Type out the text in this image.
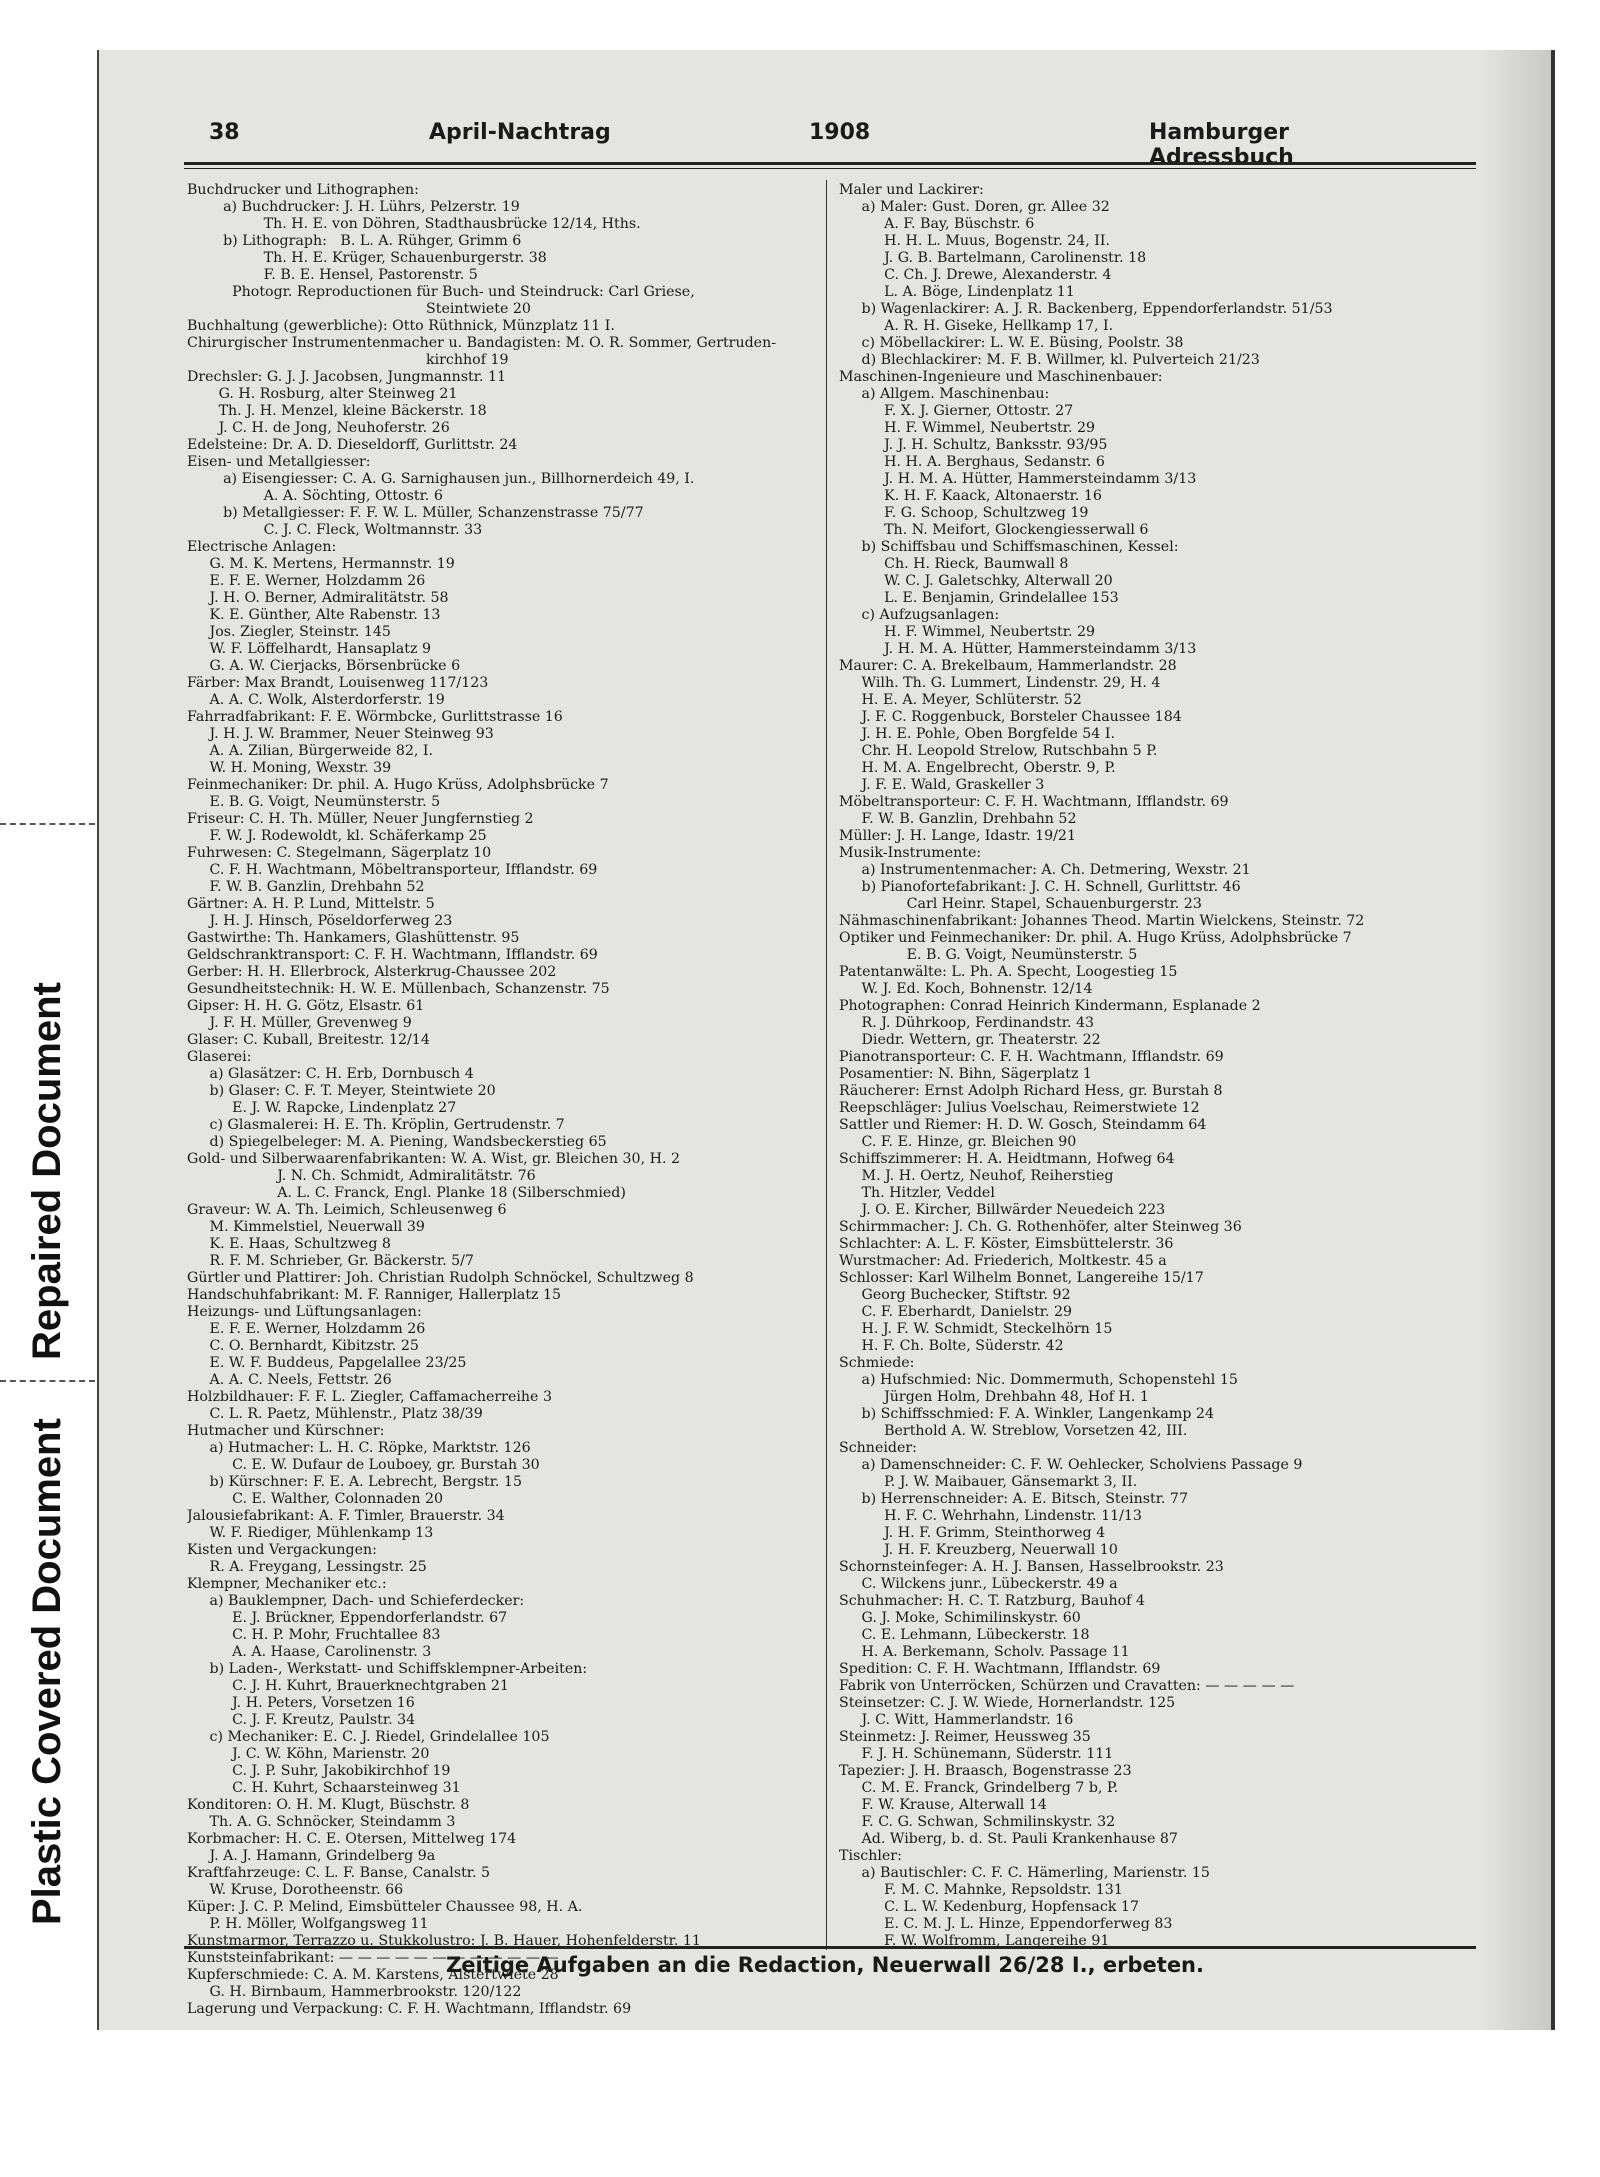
Repaired Document
Plastic Covered Document
38	April-Nachtrag	1908	Hamburger Adressbuch
Buchdrucker und Lithographen:
a) Buchdrucker: J. H. Lührs, Pelzerstr. 19
Th. H. E. von Döhren, Stadthausbrücke 12/14, Hths.
b) Lithograph:   B. L. A. Rühger, Grimm 6
Th. H. E. Krüger, Schauenburgerstr. 38
F. B. E. Hensel, Pastorenstr. 5
Photogr. Reproductionen für Buch- und Steindruck: Carl Griese,
Steintwiete 20
Buchhaltung (gewerbliche): Otto Rüthnick, Münzplatz 11 I.
Chirurgischer Instrumentenmacher u. Bandagisten: M. O. R. Sommer, Gertruden-
kirchhof 19
Drechsler: G. J. J. Jacobsen, Jungmannstr. 11
G. H. Rosburg, alter Steinweg 21
Th. J. H. Menzel, kleine Bäckerstr. 18
J. C. H. de Jong, Neuhoferstr. 26
Edelsteine: Dr. A. D. Dieseldorff, Gurlittstr. 24
Eisen- und Metallgiesser:
a) Eisengiesser: C. A. G. Sarnighausen jun., Billhornerdeich 49, I.
A. A. Söchting, Ottostr. 6
b) Metallgiesser: F. F. W. L. Müller, Schanzenstrasse 75/77
C. J. C. Fleck, Woltmannstr. 33
Electrische Anlagen:
G. M. K. Mertens, Hermannstr. 19
E. F. E. Werner, Holzdamm 26
J. H. O. Berner, Admiralitätstr. 58
K. E. Günther, Alte Rabenstr. 13
Jos. Ziegler, Steinstr. 145
W. F. Löffelhardt, Hansaplatz 9
G. A. W. Cierjacks, Börsenbrücke 6
Färber: Max Brandt, Louisenweg 117/123
A. A. C. Wolk, Alsterdorferstr. 19
Fahrradfabrikant: F. E. Wörmbcke, Gurlittstrasse 16
J. H. J. W. Brammer, Neuer Steinweg 93
A. A. Zilian, Bürgerweide 82, I.
W. H. Moning, Wexstr. 39
Feinmechaniker: Dr. phil. A. Hugo Krüss, Adolphsbrücke 7
E. B. G. Voigt, Neumünsterstr. 5
Friseur: C. H. Th. Müller, Neuer Jungfernstieg 2
F. W. J. Rodewoldt, kl. Schäferkamp 25
Fuhrwesen: C. Stegelmann, Sägerplatz 10
C. F. H. Wachtmann, Möbeltransporteur, Ifflandstr. 69
F. W. B. Ganzlin, Drehbahn 52
Gärtner: A. H. P. Lund, Mittelstr. 5
J. H. J. Hinsch, Pöseldorferweg 23
Gastwirthe: Th. Hankamers, Glashüttenstr. 95
Geldschranktransport: C. F. H. Wachtmann, Ifflandstr. 69
Gerber: H. H. Ellerbrock, Alsterkrug-Chaussee 202
Gesundheitstechnik: H. W. E. Müllenbach, Schanzenstr. 75
Gipser: H. H. G. Götz, Elsastr. 61
J. F. H. Müller, Grevenweg 9
Glaser: C. Kuball, Breitestr. 12/14
Glaserei:
a) Glasätzer: C. H. Erb, Dornbusch 4
b) Glaser: C. F. T. Meyer, Steintwiete 20
E. J. W. Rapcke, Lindenplatz 27
c) Glasmalerei: H. E. Th. Kröplin, Gertrudenstr. 7
d) Spiegelbeleger: M. A. Piening, Wandsbeckerstieg 65
Gold- und Silberwaarenfabrikanten: W. A. Wist, gr. Bleichen 30, H. 2
J. N. Ch. Schmidt, Admiralitätstr. 76
A. L. C. Franck, Engl. Planke 18 (Silberschmied)
Graveur: W. A. Th. Leimich, Schleusenweg 6
M. Kimmelstiel, Neuerwall 39
K. E. Haas, Schultzweg 8
R. F. M. Schrieber, Gr. Bäckerstr. 5/7
Gürtler und Plattirer: Joh. Christian Rudolph Schnöckel, Schultzweg 8
Handschuhfabrikant: M. F. Ranniger, Hallerplatz 15
Heizungs- und Lüftungsanlagen:
E. F. E. Werner, Holzdamm 26
C. O. Bernhardt, Kibitzstr. 25
E. W. F. Buddeus, Papgelallee 23/25
A. A. C. Neels, Fettstr. 26
Holzbildhauer: F. F. L. Ziegler, Caffamacherreihe 3
C. L. R. Paetz, Mühlenstr., Platz 38/39
Hutmacher und Kürschner:
a) Hutmacher: L. H. C. Röpke, Marktstr. 126
C. E. W. Dufaur de Louboey, gr. Burstah 30
b) Kürschner: F. E. A. Lebrecht, Bergstr. 15
C. E. Walther, Colonnaden 20
Jalousiefabrikant: A. F. Timler, Brauerstr. 34
W. F. Riediger, Mühlenkamp 13
Kisten und Vergackungen:
R. A. Freygang, Lessingstr. 25
Klempner, Mechaniker etc.:
a) Bauklempner, Dach- und Schieferdecker:
E. J. Brückner, Eppendorferlandstr. 67
C. H. P. Mohr, Fruchtallee 83
A. A. Haase, Carolinenstr. 3
b) Laden-, Werkstatt- und Schiffsklempner-Arbeiten:
C. J. H. Kuhrt, Brauerknechtgraben 21
J. H. Peters, Vorsetzen 16
C. J. F. Kreutz, Paulstr. 34
c) Mechaniker: E. C. J. Riedel, Grindelallee 105
J. C. W. Köhn, Marienstr. 20
C. J. P. Suhr, Jakobikirchhof 19
C. H. Kuhrt, Schaarsteinweg 31
Konditoren: O. H. M. Klugt, Büschstr. 8
Th. A. G. Schnöcker, Steindamm 3
Korbmacher: H. C. E. Otersen, Mittelweg 174
J. A. J. Hamann, Grindelberg 9a
Kraftfahrzeuge: C. L. F. Banse, Canalstr. 5
W. Kruse, Dorotheenstr. 66
Küper: J. C. P. Melind, Eimsbütteler Chaussee 98, H. A.
P. H. Möller, Wolfgangsweg 11
Kunstmarmor, Terrazzo u. Stukkolustro: J. B. Hauer, Hohenfelderstr. 11
Kunststeinfabrikant: — — — — — — — — — — — —
Kupferschmiede: C. A. M. Karstens, Alstertwiete 28
G. H. Birnbaum, Hammerbrookstr. 120/122
Lagerung und Verpackung: C. F. H. Wachtmann, Ifflandstr. 69
Maler und Lackirer:
a) Maler: Gust. Doren, gr. Allee 32
A. F. Bay, Büschstr. 6
H. H. L. Muus, Bogenstr. 24, II.
J. G. B. Bartelmann, Carolinenstr. 18
C. Ch. J. Drewe, Alexanderstr. 4
L. A. Böge, Lindenplatz 11
b) Wagenlackirer: A. J. R. Backenberg, Eppendorferlandstr. 51/53
A. R. H. Giseke, Hellkamp 17, I.
c) Möbellackirer: L. W. E. Büsing, Poolstr. 38
d) Blechlackirer: M. F. B. Willmer, kl. Pulverteich 21/23
Maschinen-Ingenieure und Maschinenbauer:
a) Allgem. Maschinenbau:
F. X. J. Gierner, Ottostr. 27
H. F. Wimmel, Neubertstr. 29
J. J. H. Schultz, Banksstr. 93/95
H. H. A. Berghaus, Sedanstr. 6
J. H. M. A. Hütter, Hammersteindamm 3/13
K. H. F. Kaack, Altonaerstr. 16
F. G. Schoop, Schultzweg 19
Th. N. Meifort, Glockengiesserwall 6
b) Schiffsbau und Schiffsmaschinen, Kessel:
Ch. H. Rieck, Baumwall 8
W. C. J. Galetschky, Alterwall 20
L. E. Benjamin, Grindelallee 153
c) Aufzugsanlagen:
H. F. Wimmel, Neubertstr. 29
J. H. M. A. Hütter, Hammersteindamm 3/13
Maurer: C. A. Brekelbaum, Hammerlandstr. 28
Wilh. Th. G. Lummert, Lindenstr. 29, H. 4
H. E. A. Meyer, Schlüterstr. 52
J. F. C. Roggenbuck, Borsteler Chaussee 184
J. H. E. Pohle, Oben Borgfelde 54 I.
Chr. H. Leopold Strelow, Rutschbahn 5 P.
H. M. A. Engelbrecht, Oberstr. 9, P.
J. F. E. Wald, Graskeller 3
Möbeltransporteur: C. F. H. Wachtmann, Ifflandstr. 69
F. W. B. Ganzlin, Drehbahn 52
Müller: J. H. Lange, Idastr. 19/21
Musik-Instrumente:
a) Instrumentenmacher: A. Ch. Detmering, Wexstr. 21
b) Pianofortefabrikant: J. C. H. Schnell, Gurlittstr. 46
Carl Heinr. Stapel, Schauenburgerstr. 23
Nähmaschinenfabrikant: Johannes Theod. Martin Wielckens, Steinstr. 72
Optiker und Feinmechaniker: Dr. phil. A. Hugo Krüss, Adolphsbrücke 7
E. B. G. Voigt, Neumünsterstr. 5
Patentanwälte: L. Ph. A. Specht, Loogestieg 15
W. J. Ed. Koch, Bohnenstr. 12/14
Photographen: Conrad Heinrich Kindermann, Esplanade 2
R. J. Dührkoop, Ferdinandstr. 43
Diedr. Wettern, gr. Theaterstr. 22
Pianotransporteur: C. F. H. Wachtmann, Ifflandstr. 69
Posamentier: N. Bihn, Sägerplatz 1
Räucherer: Ernst Adolph Richard Hess, gr. Burstah 8
Reepschläger: Julius Voelschau, Reimerstwiete 12
Sattler und Riemer: H. D. W. Gosch, Steindamm 64
C. F. E. Hinze, gr. Bleichen 90
Schiffszimmerer: H. A. Heidtmann, Hofweg 64
M. J. H. Oertz, Neuhof, Reiherstieg
Th. Hitzler, Veddel
J. O. E. Kircher, Billwärder Neuedeich 223
Schirmmacher: J. Ch. G. Rothenhöfer, alter Steinweg 36
Schlachter: A. L. F. Köster, Eimsbüttelerstr. 36
Wurstmacher: Ad. Friederich, Moltkestr. 45 a
Schlosser: Karl Wilhelm Bonnet, Langereihe 15/17
Georg Buchecker, Stiftstr. 92
C. F. Eberhardt, Danielstr. 29
H. J. F. W. Schmidt, Steckelhörn 15
H. F. Ch. Bolte, Süderstr. 42
Schmiede:
a) Hufschmied: Nic. Dommermuth, Schopenstehl 15
Jürgen Holm, Drehbahn 48, Hof H. 1
b) Schiffsschmied: F. A. Winkler, Langenkamp 24
Berthold A. W. Streblow, Vorsetzen 42, III.
Schneider:
a) Damenschneider: C. F. W. Oehlecker, Scholviens Passage 9
P. J. W. Maibauer, Gänsemarkt 3, II.
b) Herrenschneider: A. E. Bitsch, Steinstr. 77
H. F. C. Wehrhahn, Lindenstr. 11/13
J. H. F. Grimm, Steinthorweg 4
J. H. F. Kreuzberg, Neuerwall 10
Schornsteinfeger: A. H. J. Bansen, Hasselbrookstr. 23
C. Wilckens junr., Lübeckerstr. 49 a
Schuhmacher: H. C. T. Ratzburg, Bauhof 4
G. J. Moke, Schimilinskystr. 60
C. E. Lehmann, Lübeckerstr. 18
H. A. Berkemann, Scholv. Passage 11
Spedition: C. F. H. Wachtmann, Ifflandstr. 69
Fabrik von Unterröcken, Schürzen und Cravatten: — — — — —
Steinsetzer: C. J. W. Wiede, Hornerlandstr. 125
J. C. Witt, Hammerlandstr. 16
Steinmetz: J. Reimer, Heussweg 35
F. J. H. Schünemann, Süderstr. 111
Tapezier: J. H. Braasch, Bogenstrasse 23
C. M. E. Franck, Grindelberg 7 b, P.
F. W. Krause, Alterwall 14
F. C. G. Schwan, Schmilinskystr. 32
Ad. Wiberg, b. d. St. Pauli Krankenhause 87
Tischler:
a) Bautischler: C. F. C. Hämerling, Marienstr. 15
F. M. C. Mahnke, Repsoldstr. 131
C. L. W. Kedenburg, Hopfensack 17
E. C. M. J. L. Hinze, Eppendorferweg 83
F. W. Wolfromm, Langereihe 91
Zeitige Aufgaben an die Redaction, Neuerwall 26/28 I., erbeten.
